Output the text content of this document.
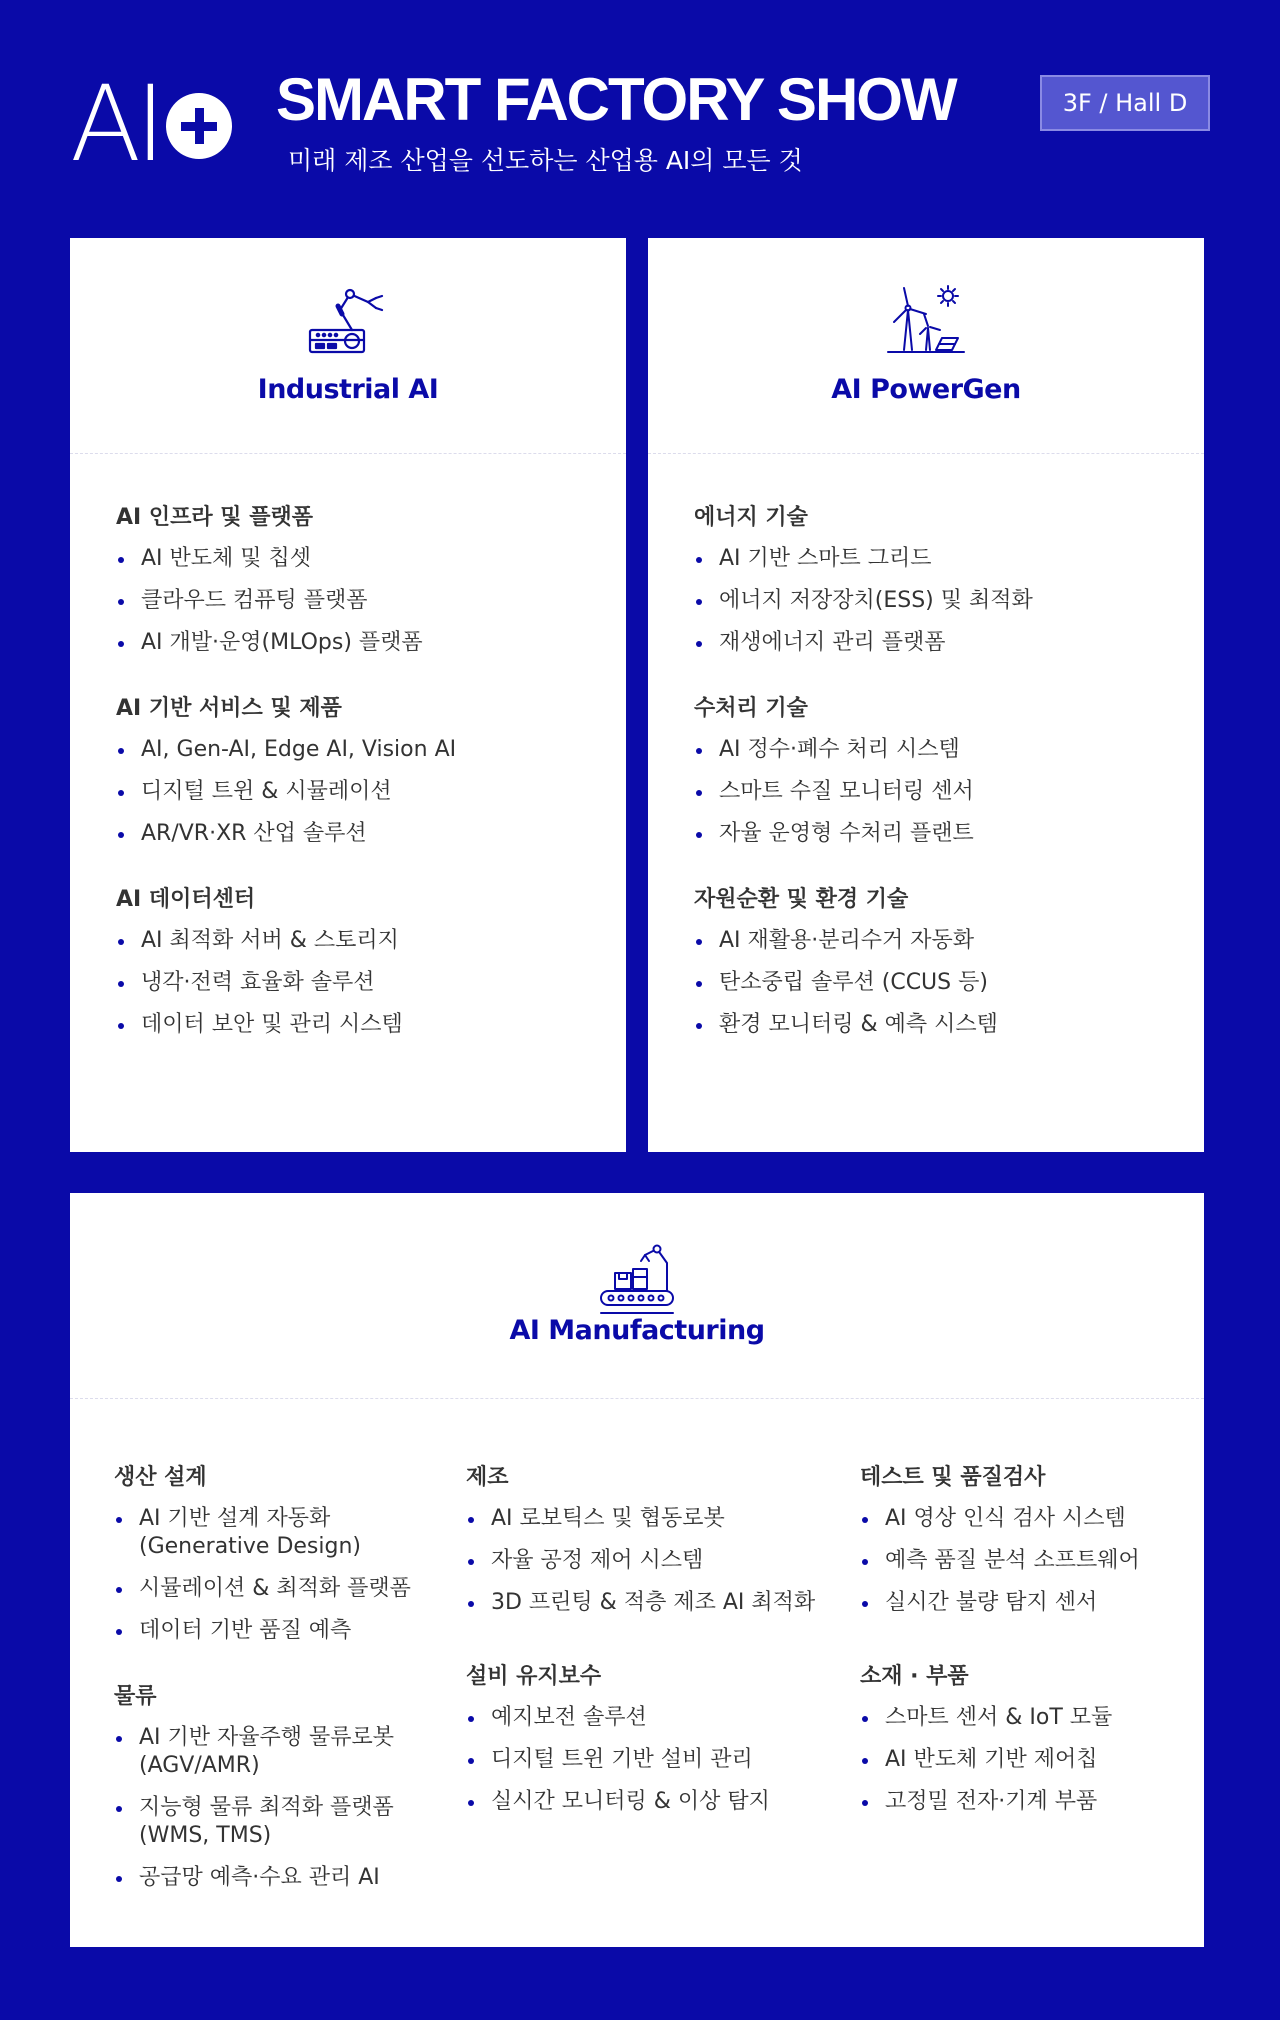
AI SMART FACTORY SHOW
미래 제조 산업을 선도하는 산업용 AI의 모든 것
3F / Hall D
Industrial AI
AI 인프라 및 플랫폼
AI 반도체 및 칩셋
클라우드 컴퓨팅 플랫폼
AI 개발·운영(MLOps) 플랫폼
AI 기반 서비스 및 제품
AI, Gen-AI, Edge AI, Vision AI
디지털 트윈 & 시뮬레이션
AR/VR·XR 산업 솔루션
AI 데이터센터
AI 최적화 서버 & 스토리지
냉각·전력 효율화 솔루션
데이터 보안 및 관리 시스템
AI PowerGen
에너지 기술
AI 기반 스마트 그리드
에너지 저장장치(ESS) 및 최적화
재생에너지 관리 플랫폼
수처리 기술
AI 정수·폐수 처리 시스템
스마트 수질 모니터링 센서
자율 운영형 수처리 플랜트
자원순환 및 환경 기술
AI 재활용·분리수거 자동화
탄소중립 솔루션 (CCUS 등)
환경 모니터링 & 예측 시스템
AI Manufacturing
생산 설계
AI 기반 설계 자동화 (Generative Design)
시뮬레이션 & 최적화 플랫폼
데이터 기반 품질 예측
물류
AI 기반 자율주행 물류로봇 (AGV/AMR)
지능형 물류 최적화 플랫폼 (WMS, TMS)
공급망 예측·수요 관리 AI
제조
AI 로보틱스 및 협동로봇
자율 공정 제어 시스템
3D 프린팅 & 적층 제조 AI 최적화
설비 유지보수
예지보전 솔루션
디지털 트윈 기반 설비 관리
실시간 모니터링 & 이상 탐지
테스트 및 품질검사
AI 영상 인식 검사 시스템
예측 품질 분석 소프트웨어
실시간 불량 탐지 센서
소재 · 부품
스마트 센서 & IoT 모듈
AI 반도체 기반 제어칩
고정밀 전자·기계 부품
